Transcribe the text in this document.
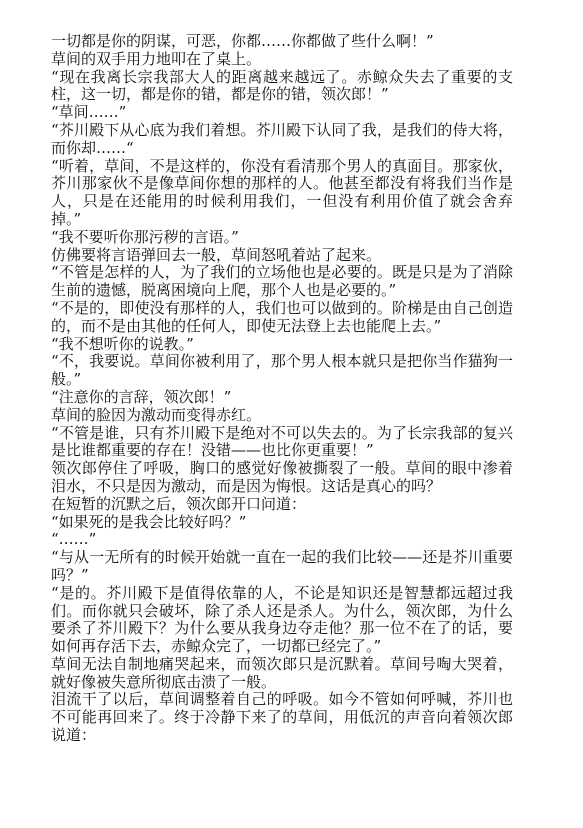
一切都是你的阴谋，可恶，你都……你都做了些什么啊！”

草间的双手用力地叩在了桌上。

“现在我离长宗我部大人的距离越来越远了。赤鲸众失去了重要的支柱，这一切，都是你的错，都是你的错，领次郎！”

“草间……”

“芥川殿下从心底为我们着想。芥川殿下认同了我，是我们的侍大将，而你却……“

“听着，草间，不是这样的，你没有看清那个男人的真面目。那家伙，芥川那家伙不是像草间你想的那样的人。他甚至都没有将我们当作是人，只是在还能用的时候利用我们，一但没有利用价值了就会舍弃掉。”

“我不要听你那污秽的言语。”

仿佛要将言语弹回去一般，草间怒吼着站了起来。

“不管是怎样的人，为了我们的立场他也是必要的。既是只是为了消除生前的遗憾，脱离困境向上爬，那个人也是必要的。”

“不是的，即使没有那样的人，我们也可以做到的。阶梯是由自己创造的，而不是由其他的任何人，即使无法登上去也能爬上去。”

“我不想听你的说教。”

“不，我要说。草间你被利用了，那个男人根本就只是把你当作猫狗一般。”

“注意你的言辞，领次郎！”

草间的脸因为激动而变得赤红。

“不管是谁，只有芥川殿下是绝对不可以失去的。为了长宗我部的复兴是比谁都重要的存在！没错——也比你更重要！”

领次郎停住了呼吸，胸口的感觉好像被撕裂了一般。草间的眼中渗着泪水，不只是因为激动，而是因为悔恨。这话是真心的吗？

在短暂的沉默之后，领次郎开口问道：

“如果死的是我会比较好吗？”

“……”

“与从一无所有的时候开始就一直在一起的我们比较——还是芥川重要吗？”

“是的。芥川殿下是值得依靠的人，不论是知识还是智慧都远超过我们。而你就只会破坏，除了杀人还是杀人。为什么，领次郎，为什么要杀了芥川殿下？为什么要从我身边夺走他？那一位不在了的话，要如何再存活下去，赤鲸众完了，一切都已经完了。”

草间无法自制地痛哭起来，而领次郎只是沉默着。草间号啕大哭着，就好像被失意所彻底击溃了一般。

泪流干了以后，草间调整着自己的呼吸。如今不管如何呼喊，芥川也不可能再回来了。终于冷静下来了的草间，用低沉的声音向着领次郎说道：
